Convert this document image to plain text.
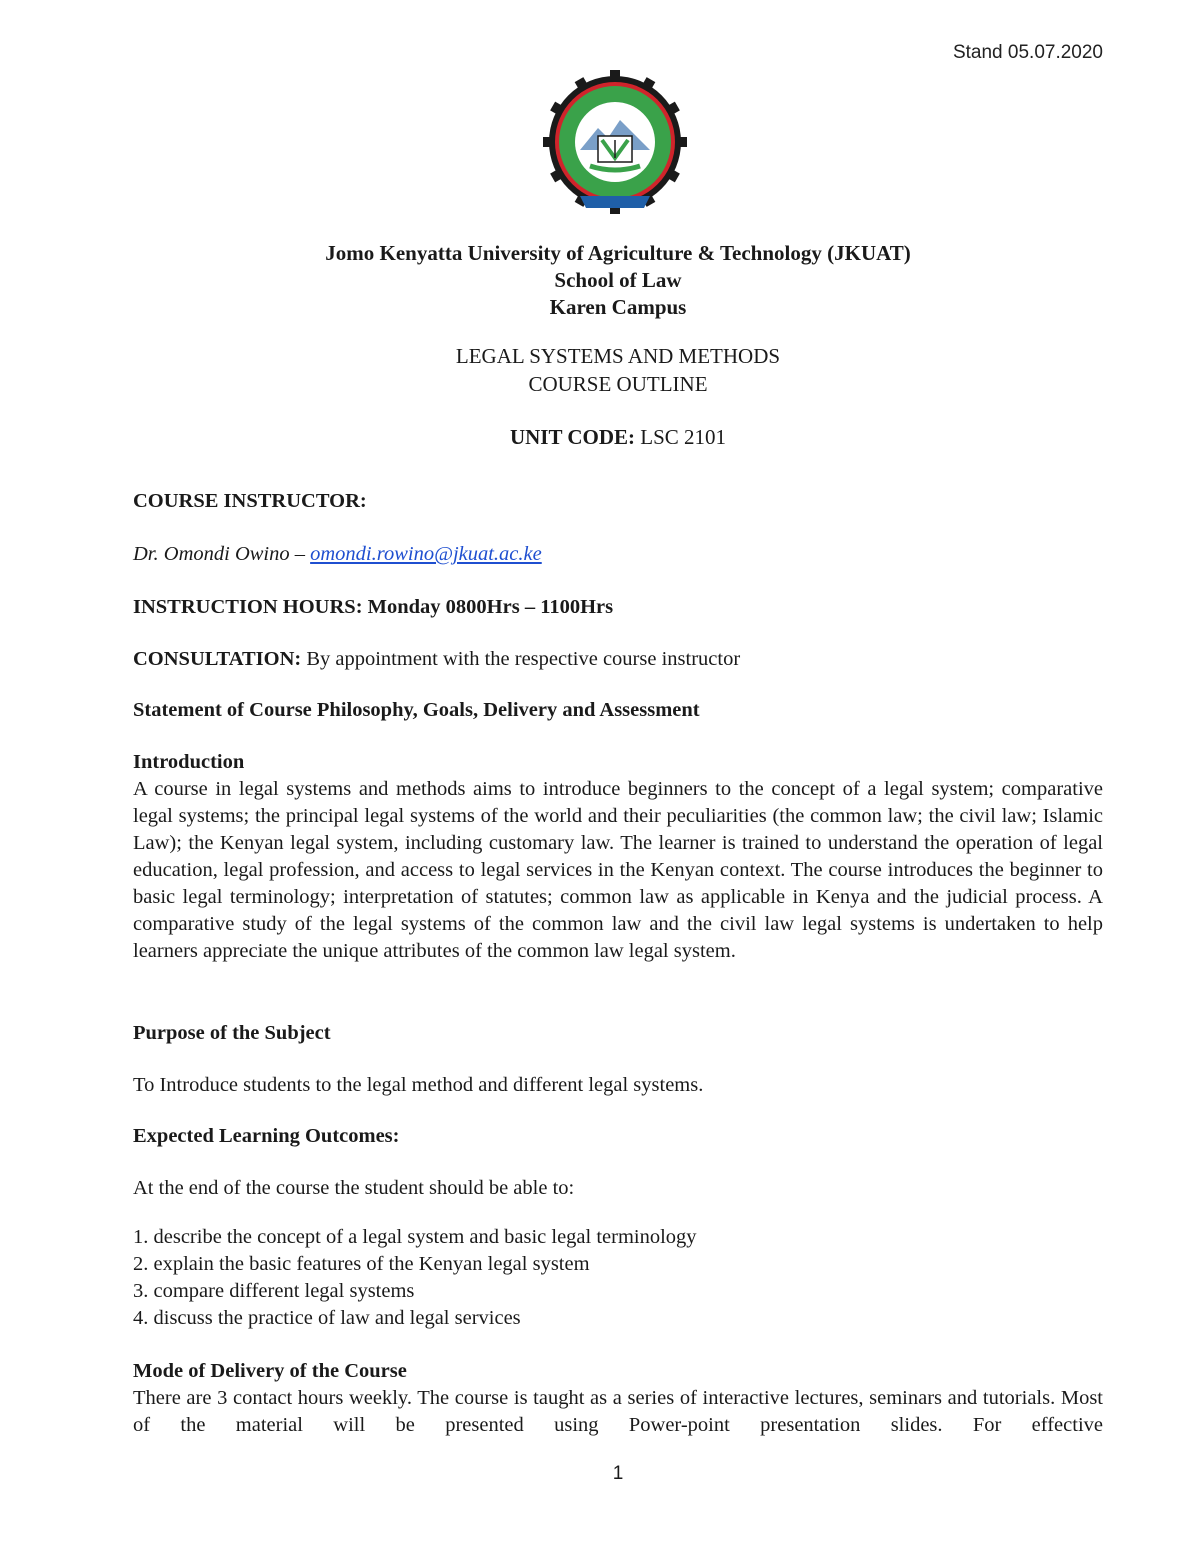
Stand 05.07.2020
Jomo Kenyatta University of Agriculture & Technology (JKUAT)
School of Law
Karen Campus
LEGAL SYSTEMS AND METHODS
COURSE OUTLINE
UNIT CODE: LSC 2101
COURSE INSTRUCTOR:
Dr. Omondi Owino – omondi.rowino@jkuat.ac.ke
INSTRUCTION HOURS: Monday 0800Hrs – 1100Hrs
CONSULTATION: By appointment with the respective course instructor
Statement of Course Philosophy, Goals, Delivery and Assessment
Introduction
A course in legal systems and methods aims to introduce beginners to the concept of a legal system; comparative legal systems; the principal legal systems of the world and their peculiarities (the common law; the civil law; Islamic Law); the Kenyan legal system, including customary law. The learner is trained to understand the operation of legal education, legal profession, and access to legal services in the Kenyan context. The course introduces the beginner to basic legal terminology; interpretation of statutes; common law as applicable in Kenya and the judicial process. A comparative study of the legal systems of the common law and the civil law legal systems is undertaken to help learners appreciate the unique attributes of the common law legal system.
Purpose of the Subject
To Introduce students to the legal method and different legal systems.
Expected Learning Outcomes:
At the end of the course the student should be able to:
1. describe the concept of a legal system and basic legal terminology
2. explain the basic features of the Kenyan legal system
3. compare different legal systems
4. discuss the practice of law and legal services
Mode of Delivery of the Course
There are 3 contact hours weekly. The course is taught as a series of interactive lectures, seminars and tutorials. Most of the material will be presented using Power-point presentation slides. For effective
1
